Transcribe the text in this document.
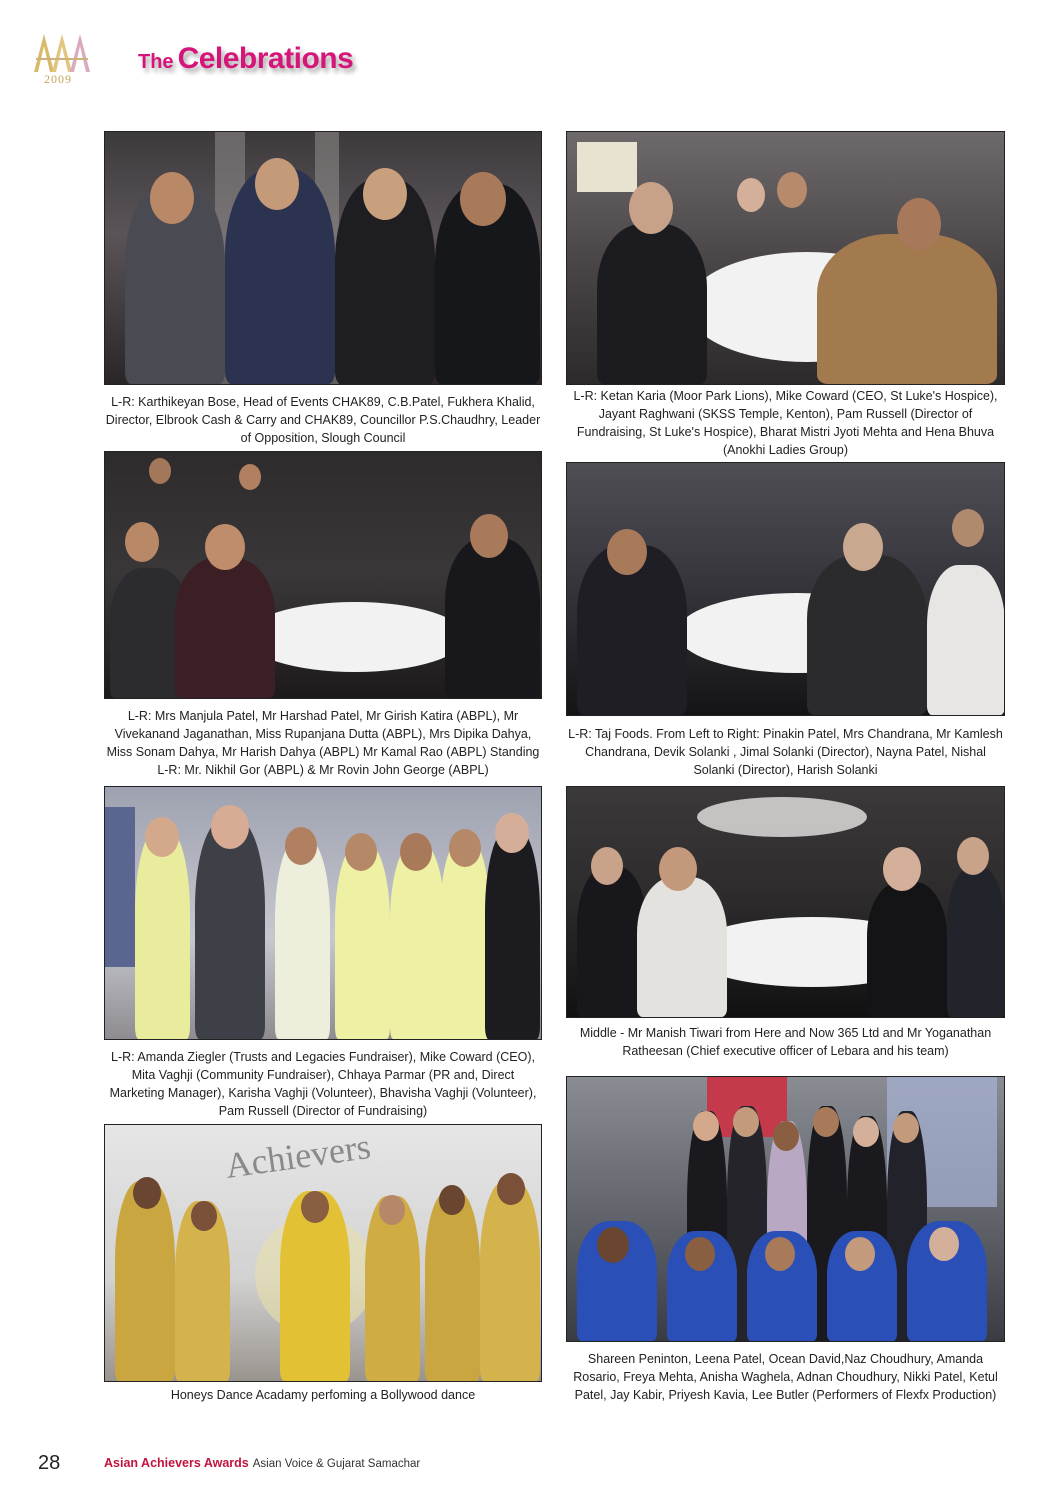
2009
The Celebrations
L-R: Karthikeyan Bose, Head of Events CHAK89, C.B.Patel, Fukhera Khalid, Director, Elbrook Cash & Carry and CHAK89, Councillor P.S.Chaudhry, Leader of Opposition, Slough Council
L-R: Ketan Karia (Moor Park Lions), Mike Coward (CEO, St Luke's Hospice), Jayant Raghwani (SKSS Temple, Kenton), Pam Russell (Director of Fundraising, St Luke's Hospice), Bharat Mistri Jyoti Mehta and Hena Bhuva (Anokhi Ladies Group)
L-R: Mrs Manjula Patel, Mr Harshad Patel, Mr Girish Katira (ABPL), Mr Vivekanand Jaganathan, Miss Rupanjana Dutta (ABPL), Mrs Dipika Dahya, Miss Sonam Dahya, Mr Harish Dahya (ABPL) Mr Kamal Rao (ABPL) Standing L-R: Mr. Nikhil Gor (ABPL) & Mr Rovin John George (ABPL)
L-R: Taj Foods. From Left to Right: Pinakin Patel, Mrs Chandrana, Mr Kamlesh Chandrana, Devik Solanki , Jimal Solanki (Director), Nayna Patel, Nishal Solanki (Director), Harish Solanki
L-R: Amanda Ziegler (Trusts and Legacies Fundraiser), Mike Coward (CEO), Mita Vaghji (Community Fundraiser), Chhaya Parmar (PR and, Direct Marketing Manager), Karisha Vaghji (Volunteer), Bhavisha Vaghji (Volunteer), Pam Russell (Director of Fundraising)
Middle - Mr Manish Tiwari from Here and Now 365 Ltd and Mr Yoganathan Ratheesan (Chief executive officer of Lebara and his team)
Achievers
Honeys Dance Acadamy perfoming a Bollywood dance
Shareen Peninton, Leena Patel, Ocean David,Naz Choudhury, Amanda Rosario, Freya Mehta, Anisha Waghela, Adnan Choudhury, Nikki Patel, Ketul Patel, Jay Kabir, Priyesh Kavia, Lee Butler (Performers of Flexfx Production)
28	Asian Achievers Awards Asian Voice & Gujarat Samachar
